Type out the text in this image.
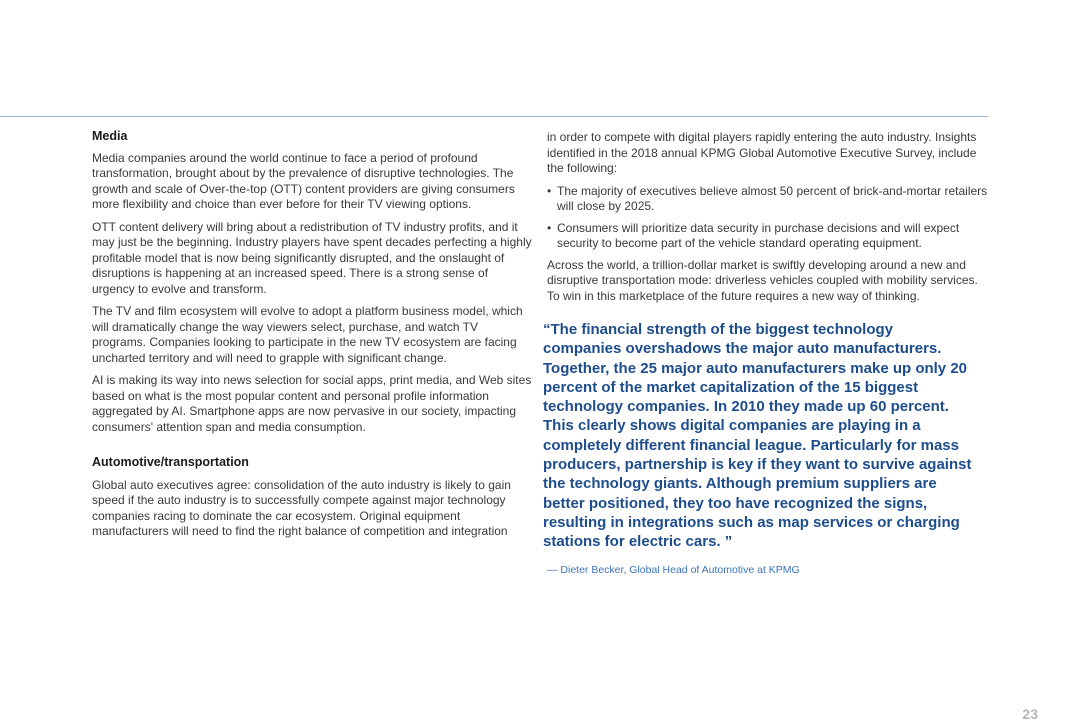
Media

Media companies around the world continue to face a period of profound transformation, brought about by the prevalence of disruptive technologies. The growth and scale of Over-the-top (OTT) content providers are giving consumers more flexibility and choice than ever before for their TV viewing options.

OTT content delivery will bring about a redistribution of TV industry profits, and it may just be the beginning. Industry players have spent decades perfecting a highly profitable model that is now being significantly disrupted, and the onslaught of disruptions is happening at an increased speed. There is a strong sense of urgency to evolve and transform.

The TV and film ecosystem will evolve to adopt a platform business model, which will dramatically change the way viewers select, purchase, and watch TV programs. Companies looking to participate in the new TV ecosystem are facing uncharted territory and will need to grapple with significant change.

AI is making its way into news selection for social apps, print media, and Web sites based on what is the most popular content and personal profile information aggregated by AI. Smartphone apps are now pervasive in our society, impacting consumers' attention span and media consumption.

Automotive/transportation

Global auto executives agree: consolidation of the auto industry is likely to gain speed if the auto industry is to successfully compete against major technology companies racing to dominate the car ecosystem. Original equipment manufacturers will need to find the right balance of competition and integration

in order to compete with digital players rapidly entering the auto industry. Insights identified in the 2018 annual KPMG Global Automotive Executive Survey, include the following:

• The majority of executives believe almost 50 percent of brick-and-mortar retailers will close by 2025.
• Consumers will prioritize data security in purchase decisions and will expect security to become part of the vehicle standard operating equipment.

Across the world, a trillion-dollar market is swiftly developing around a new and disruptive transportation mode: driverless vehicles coupled with mobility services. To win in this marketplace of the future requires a new way of thinking.

“The financial strength of the biggest technology companies overshadows the major auto manufacturers. Together, the 25 major auto manufacturers make up only 20 percent of the market capitalization of the 15 biggest technology companies. In 2010 they made up 60 percent. This clearly shows digital companies are playing in a completely different financial league. Particularly for mass producers, partnership is key if they want to survive against the technology giants. Although premium suppliers are better positioned, they too have recognized the signs, resulting in integrations such as map services or charging stations for electric cars. ”
— Dieter Becker, Global Head of Automotive at KPMG
23
